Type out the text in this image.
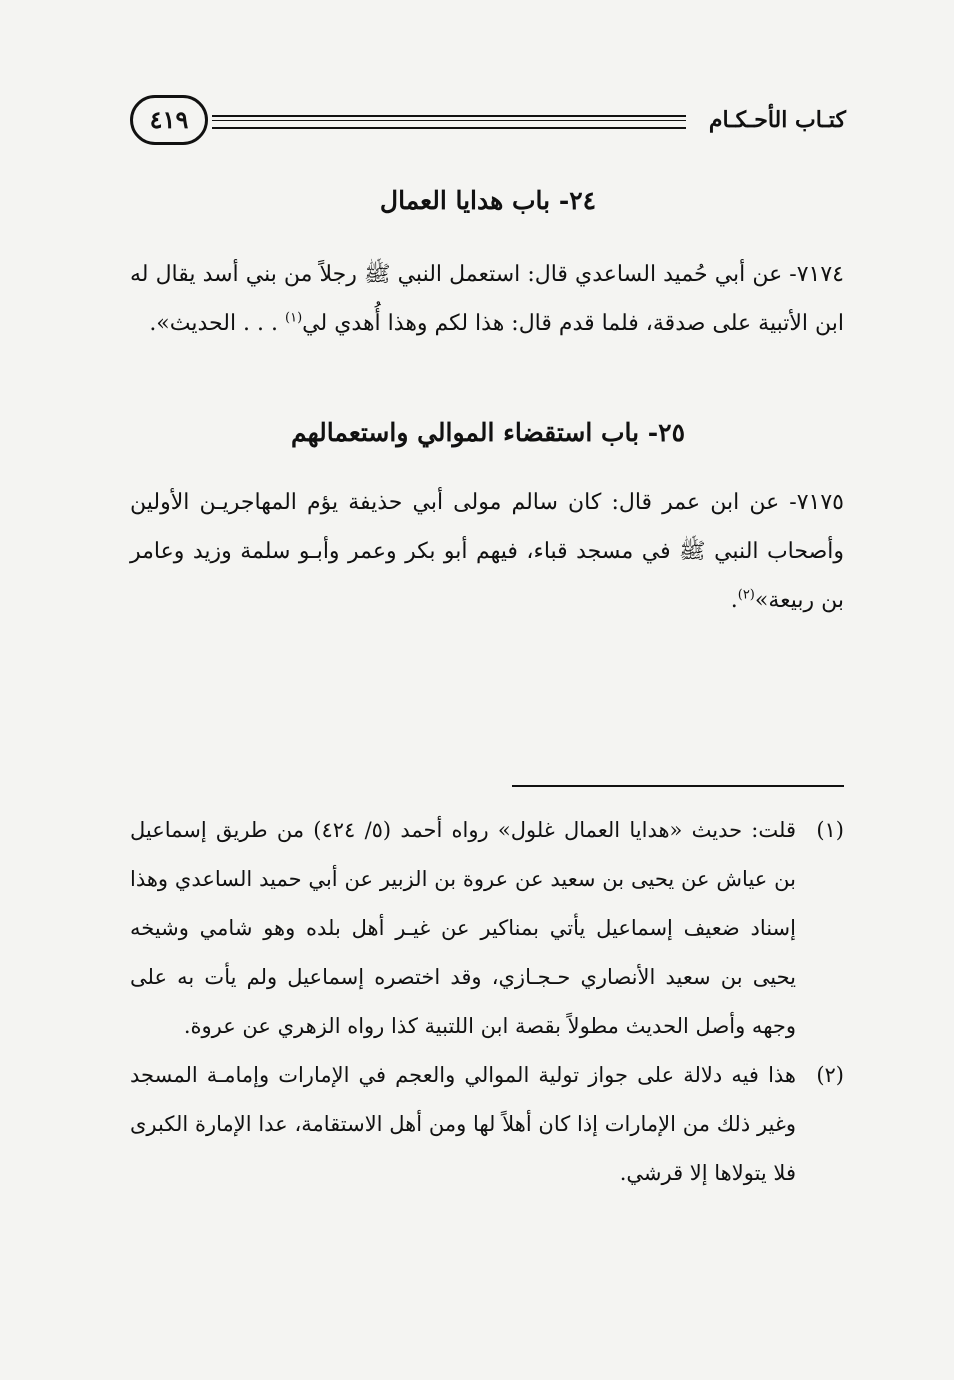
كتـاب الأحـكـام
٤١٩
٢٤- باب هدايا العمال
٧١٧٤- عن أبي حُميد الساعدي قال: استعمل النبي ﷺ رجلاً من بني أسد يقال له ابن الأتبية على صدقة، فلما قدم قال: هذا لكم وهذا أُهدي لي$^{(١)}$ . . . الحديث».
٢٥- باب استقضاء الموالي واستعمالهم
٧١٧٥- عن ابن عمر قال: كان سالم مولى أبي حذيفة يؤم المهاجريـن الأولين وأصحاب النبي ﷺ في مسجد قباء، فيهم أبو بكر وعمر وأبـو سلمة وزيد وعامر بن ربيعة»$^{(٢)}$.
(١)
قلت: حديث «هدايا العمال غلول» رواه أحمد (٥/ ٤٢٤) من طريق إسماعيل بن عياش عن يحيى بن سعيد عن عروة بن الزبير عن أبي حميد الساعدي وهذا إسناد ضعيف إسماعيل يأتي بمناكير عن غيـر أهل بلده وهو شامي وشيخه يحيى بن سعيد الأنصاري حـجـازي، وقد اختصره إسماعيل ولم يأت به على وجهه وأصل الحديث مطولاً بقصة ابن اللتبية كذا رواه الزهري عن عروة.
(٢)
هذا فيه دلالة على جواز تولية الموالي والعجم في الإمارات وإمامـة المسجد وغير ذلك من الإمارات إذا كان أهلاً لها ومن أهل الاستقامة، عدا الإمارة الكبرى فلا يتولاها إلا قرشي.
